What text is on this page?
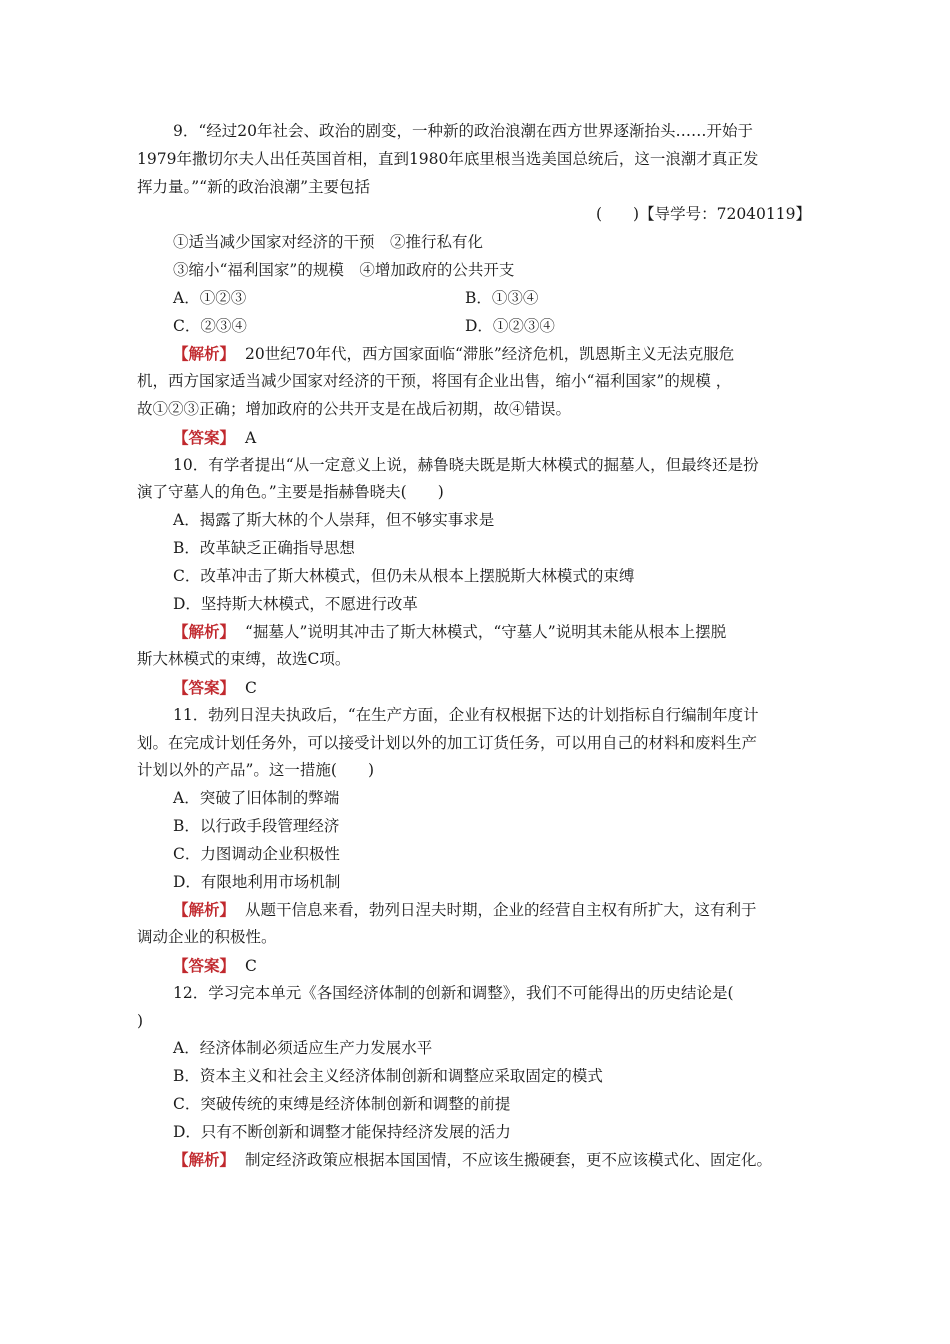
9．“经过20年社会、政治的剧变，一种新的政治浪潮在西方世界逐渐抬头……开始于
1979年撒切尔夫人出任英国首相，直到1980年底里根当选美国总统后，这一浪潮才真正发
挥力量。”“新的政治浪潮”主要包括
(　　)【导学号：72040119】
①适当减少国家对经济的干预　②推行私有化
③缩小“福利国家”的规模　④增加政府的公共开支
A．①②③	B．①③④
C．②③④	D．①②③④
【解析】 20世纪70年代，西方国家面临“滞胀”经济危机，凯恩斯主义无法克服危
机，西方国家适当减少国家对经济的干预，将国有企业出售，缩小“福利国家”的规模 ，
故①②③正确；增加政府的公共开支是在战后初期，故④错误。
【答案】 A
10．有学者提出“从一定意义上说，赫鲁晓夫既是斯大林模式的掘墓人，但最终还是扮
演了守墓人的角色。”主要是指赫鲁晓夫(　　)
A．揭露了斯大林的个人崇拜，但不够实事求是
B．改革缺乏正确指导思想
C．改革冲击了斯大林模式，但仍未从根本上摆脱斯大林模式的束缚
D．坚持斯大林模式，不愿进行改革
【解析】 “掘墓人”说明其冲击了斯大林模式，“守墓人”说明其未能从根本上摆脱
斯大林模式的束缚，故选C项。
【答案】 C
11．勃列日涅夫执政后，“在生产方面，企业有权根据下达的计划指标自行编制年度计
划。在完成计划任务外，可以接受计划以外的加工订货任务，可以用自己的材料和废料生产
计划以外的产品”。这一措施(　　)
A．突破了旧体制的弊端
B．以行政手段管理经济
C．力图调动企业积极性
D．有限地利用市场机制
【解析】 从题干信息来看，勃列日涅夫时期，企业的经营自主权有所扩大，这有利于
调动企业的积极性。
【答案】 C
12．学习完本单元《各国经济体制的创新和调整》，我们不可能得出的历史结论是(
)
A．经济体制必须适应生产力发展水平
B．资本主义和社会主义经济体制创新和调整应采取固定的模式
C．突破传统的束缚是经济体制创新和调整的前提
D．只有不断创新和调整才能保持经济发展的活力
【解析】 制定经济政策应根据本国国情，不应该生搬硬套，更不应该模式化、固定化。
